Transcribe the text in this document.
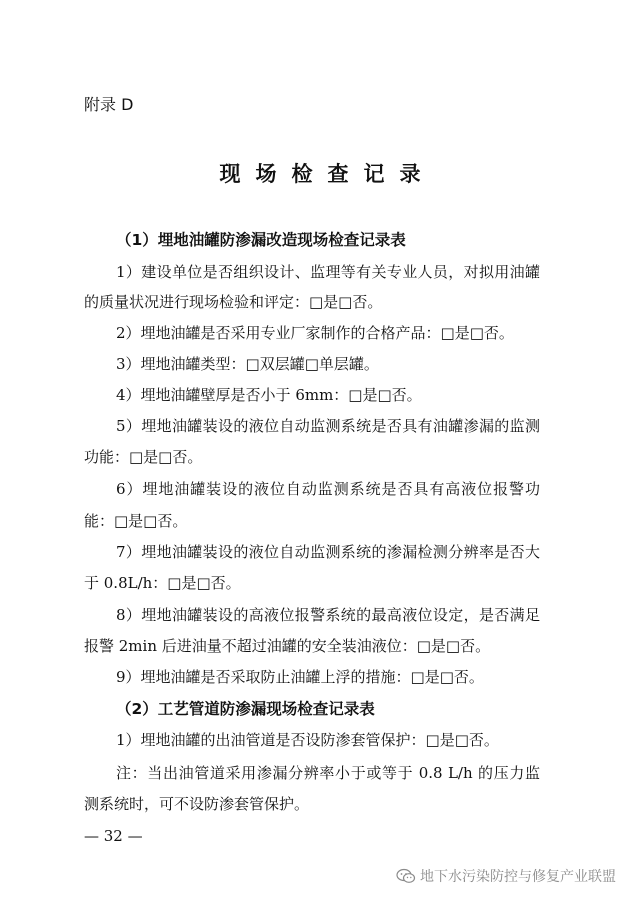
附录 D
现场检查记录
（1）埋地油罐防渗漏改造现场检查记录表
1）建设单位是否组织设计、监理等有关专业人员，对拟用油罐
的质量状况进行现场检验和评定：□是□否。
2）埋地油罐是否采用专业厂家制作的合格产品：□是□否。
3）埋地油罐类型：□双层罐□单层罐。
4）埋地油罐壁厚是否小于 6mm：□是□否。
5）埋地油罐装设的液位自动监测系统是否具有油罐渗漏的监测
功能：□是□否。
6）埋地油罐装设的液位自动监测系统是否具有高液位报警功
能：□是□否。
7）埋地油罐装设的液位自动监测系统的渗漏检测分辨率是否大
于 0.8L/h：□是□否。
8）埋地油罐装设的高液位报警系统的最高液位设定，是否满足
报警 2min 后进油量不超过油罐的安全装油液位：□是□否。
9）埋地油罐是否采取防止油罐上浮的措施：□是□否。
（2）工艺管道防渗漏现场检查记录表
1）埋地油罐的出油管道是否设防渗套管保护：□是□否。
注：当出油管道采用渗漏分辨率小于或等于 0.8 L/h 的压力监
测系统时，可不设防渗套管保护。
— 32 —
地下水污染防控与修复产业联盟
